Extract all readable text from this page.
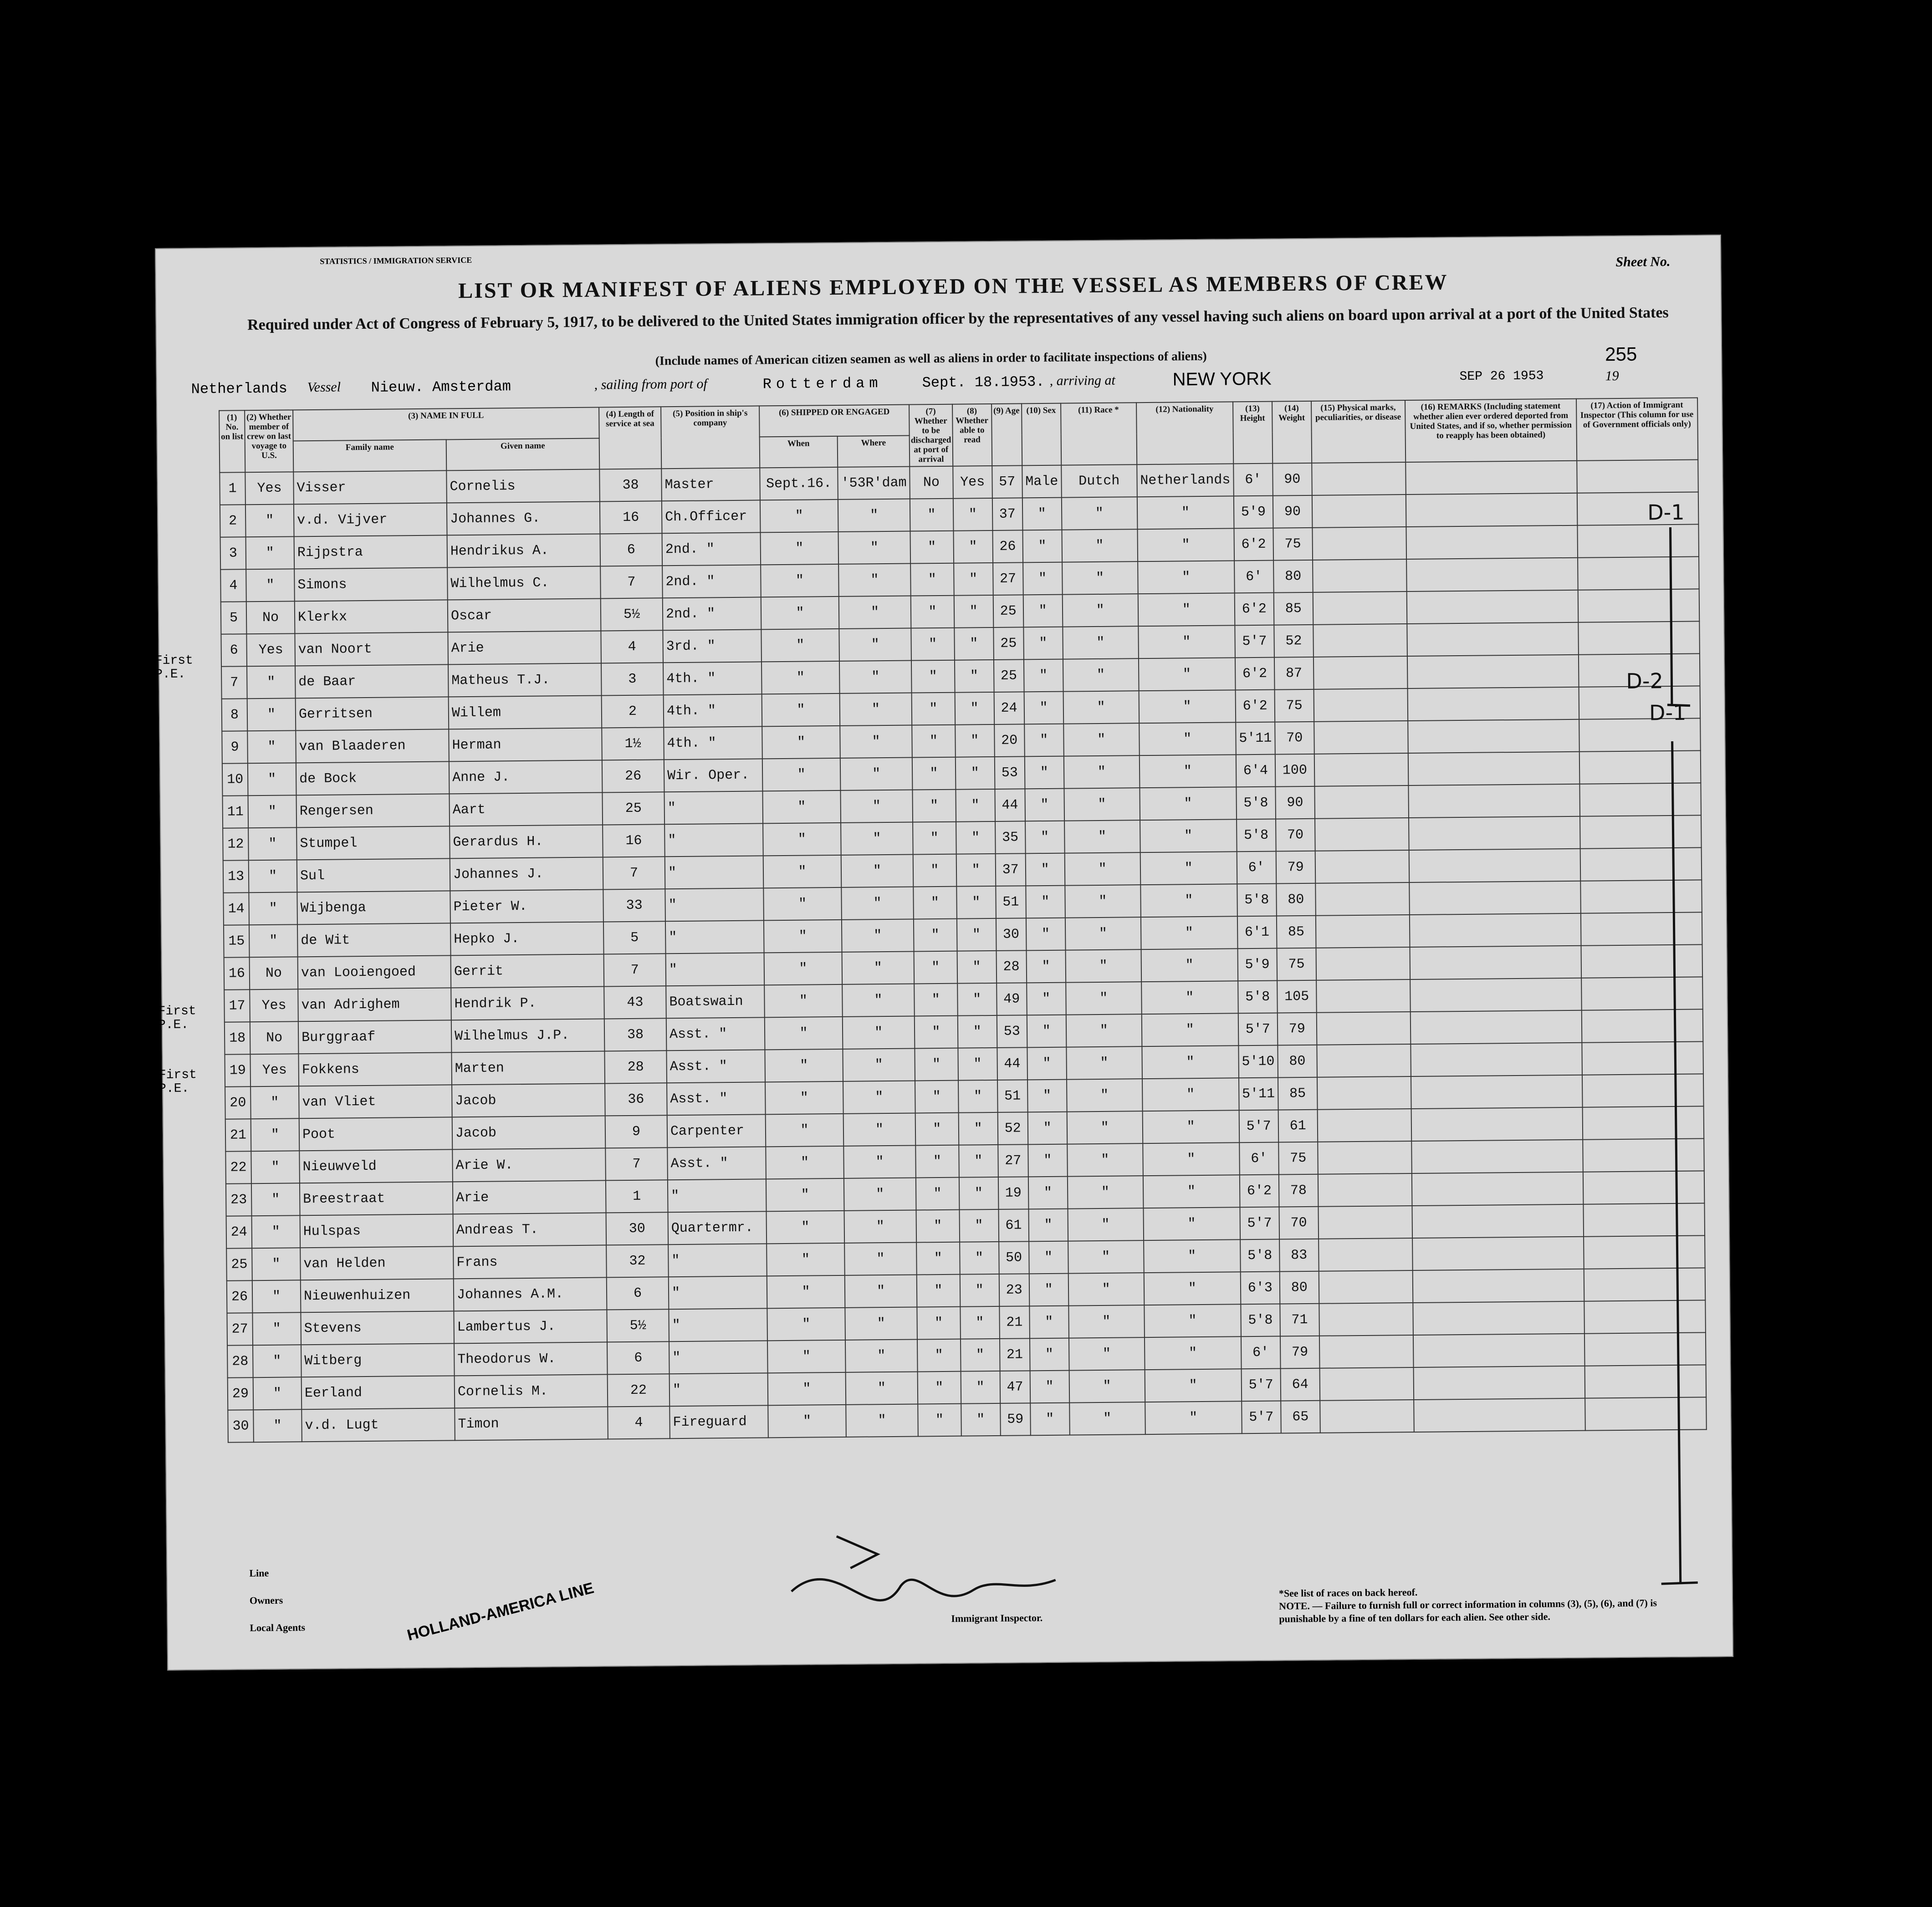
STATISTICS / IMMIGRATION SERVICE	Sheet No.
LIST OR MANIFEST OF ALIENS EMPLOYED ON THE VESSEL AS MEMBERS OF CREW
Required under Act of Congress of February 5, 1917, to be delivered to the United States immigration officer by the representatives of any vessel having such aliens on board upon arrival at a port of the United States
(Include names of American citizen seamen as well as aliens in order to facilitate inspections of aliens)	255
Netherlands Vessel Nieuw. Amsterdam	, sailing from port of	Rotterdam	Sept. 18.1953. , arriving at	NEW YORK	SEP 26 1953	19
(1) No. on list	(2) Whether member of crew on last voyage to U.S.	(3) NAME IN FULL		(4) Length of service at sea	(5) Position in ship's company	(6) SHIPPED OR ENGAGED		(7) Whether to be discharged at port of arrival	(8) Whether able to read	(9) Age	(10) Sex	(11) Race *	(12) Nationality	(13) Height	(14) Weight	(15) Physical marks, peculiarities, or disease	(16) REMARKS (Including statement whether alien ever ordered deported from United States, and if so, whether permission to reapply has been obtained)	(17) Action of Immigrant Inspector (This column for use of Government officials only)
		Family name	Given name			When	Where											
1	Yes	Visser	Cornelis	38	Master	Sept.16.	'53R'dam	No	Yes	57	Male	Dutch	Netherlands	6'	90			
2	"	v.d. Vijver	Johannes G.	16	Ch.Officer	"	"	"	"	37	"	"	"	5'9	90			
3	"	Rijpstra	Hendrikus A.	6	2nd. "	"	"	"	"	26	"	"	"	6'2	75			
4	"	Simons	Wilhelmus C.	7	2nd. "	"	"	"	"	27	"	"	"	6'	80			
5	No	Klerkx	Oscar	5½	2nd. "	"	"	"	"	25	"	"	"	6'2	85			
6	Yes	van Noort	Arie	4	3rd. "	"	"	"	"	25	"	"	"	5'7	52			
7	"	de Baar	Matheus T.J.	3	4th. "	"	"	"	"	25	"	"	"	6'2	87			
8	"	Gerritsen	Willem	2	4th. "	"	"	"	"	24	"	"	"	6'2	75			
9	"	van Blaaderen	Herman	1½	4th. "	"	"	"	"	20	"	"	"	5'11	70			
10	"	de Bock	Anne J.	26	Wir. Oper.	"	"	"	"	53	"	"	"	6'4	100			
11	"	Rengersen	Aart	25	"	"	"	"	"	44	"	"	"	5'8	90			
12	"	Stumpel	Gerardus H.	16	"	"	"	"	"	35	"	"	"	5'8	70			
13	"	Sul	Johannes J.	7	"	"	"	"	"	37	"	"	"	6'	79			
14	"	Wijbenga	Pieter W.	33	"	"	"	"	"	51	"	"	"	5'8	80			
15	"	de Wit	Hepko J.	5	"	"	"	"	"	30	"	"	"	6'1	85			
16	No	van Looiengoed	Gerrit	7	"	"	"	"	"	28	"	"	"	5'9	75			
17	Yes	van Adrighem	Hendrik P.	43	Boatswain	"	"	"	"	49	"	"	"	5'8	105			
18	No	Burggraaf	Wilhelmus J.P.	38	Asst. "	"	"	"	"	53	"	"	"	5'7	79			
19	Yes	Fokkens	Marten	28	Asst. "	"	"	"	"	44	"	"	"	5'10	80			
20	"	van Vliet	Jacob	36	Asst. "	"	"	"	"	51	"	"	"	5'11	85			
21	"	Poot	Jacob	9	Carpenter	"	"	"	"	52	"	"	"	5'7	61			
22	"	Nieuwveld	Arie W.	7	Asst. "	"	"	"	"	27	"	"	"	6'	75			
23	"	Breestraat	Arie	1	"	"	"	"	"	19	"	"	"	6'2	78			
24	"	Hulspas	Andreas T.	30	Quartermr.	"	"	"	"	61	"	"	"	5'7	70			
25	"	van Helden	Frans	32	"	"	"	"	"	50	"	"	"	5'8	83			
26	"	Nieuwenhuizen	Johannes A.M.	6	"	"	"	"	"	23	"	"	"	6'3	80			
27	"	Stevens	Lambertus J.	5½	"	"	"	"	"	21	"	"	"	5'8	71			
28	"	Witberg	Theodorus W.	6	"	"	"	"	"	21	"	"	"	6'	79			
29	"	Eerland	Cornelis M.	22	"	"	"	"	"	47	"	"	"	5'7	64			
30	"	v.d. Lugt	Timon	4	Fireguard	"	"	"	"	59	"	"	"	5'7	65			
First P.E.
First P.E.
First P.E.
D-1
D-2
D-1
Line
Owners
Local Agents	HOLLAND-AMERICA LINE	Immigrant Inspector.
*See list of races on back hereof.
NOTE. — Failure to furnish full or correct information in columns (3), (5), (6), and (7) is punishable by a fine of ten dollars for each alien. See other side.
